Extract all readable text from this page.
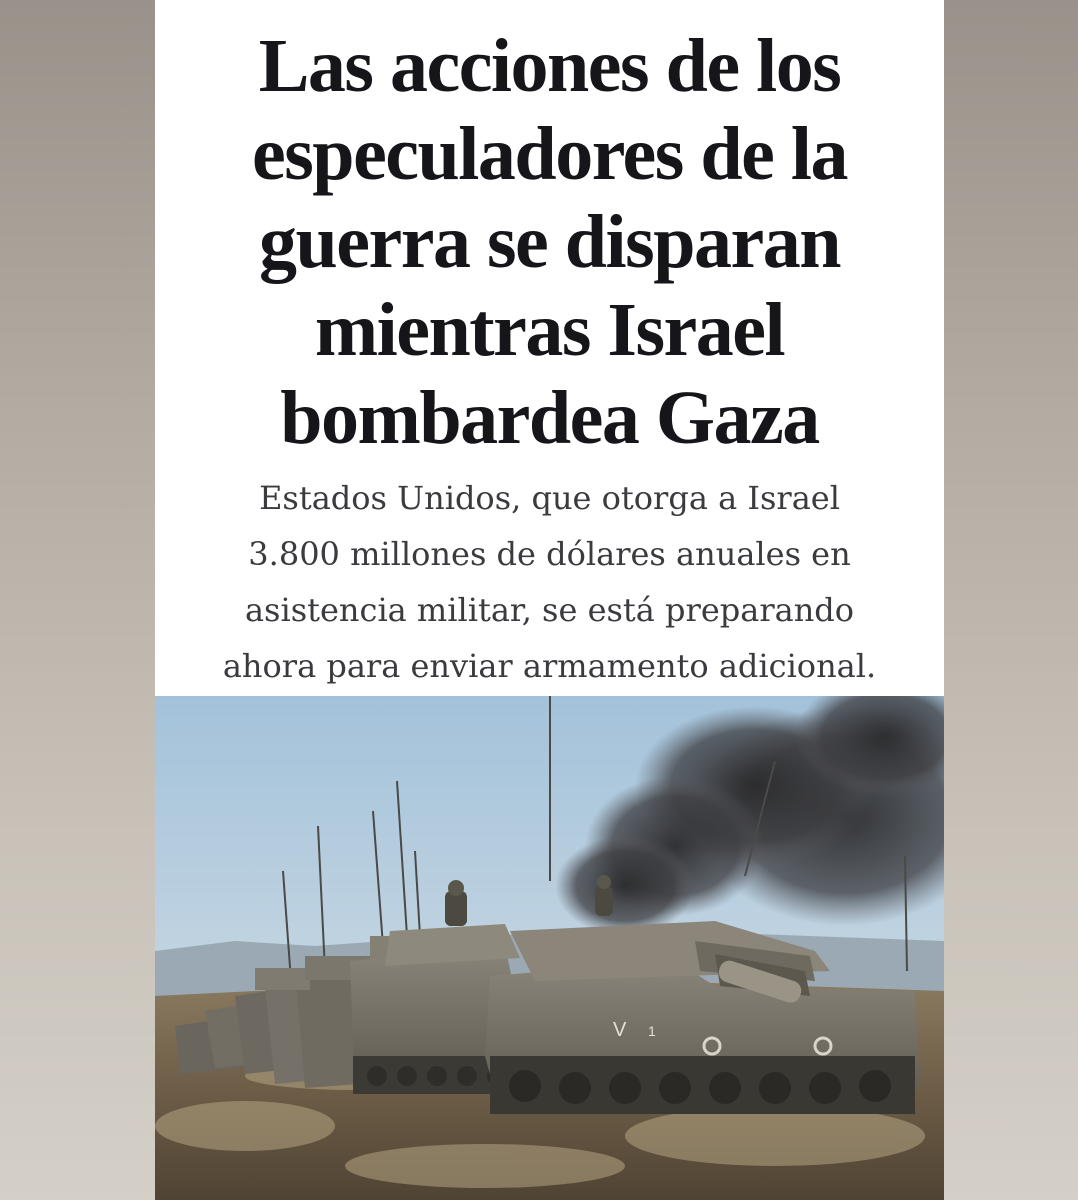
Las acciones de los
especuladores de la
guerra se disparan
mientras Israel
bombardea Gaza

Estados Unidos, que otorga a Israel
3.800 millones de dólares anuales en
asistencia militar, se está preparando
ahora para enviar armamento adicional.

V 1
